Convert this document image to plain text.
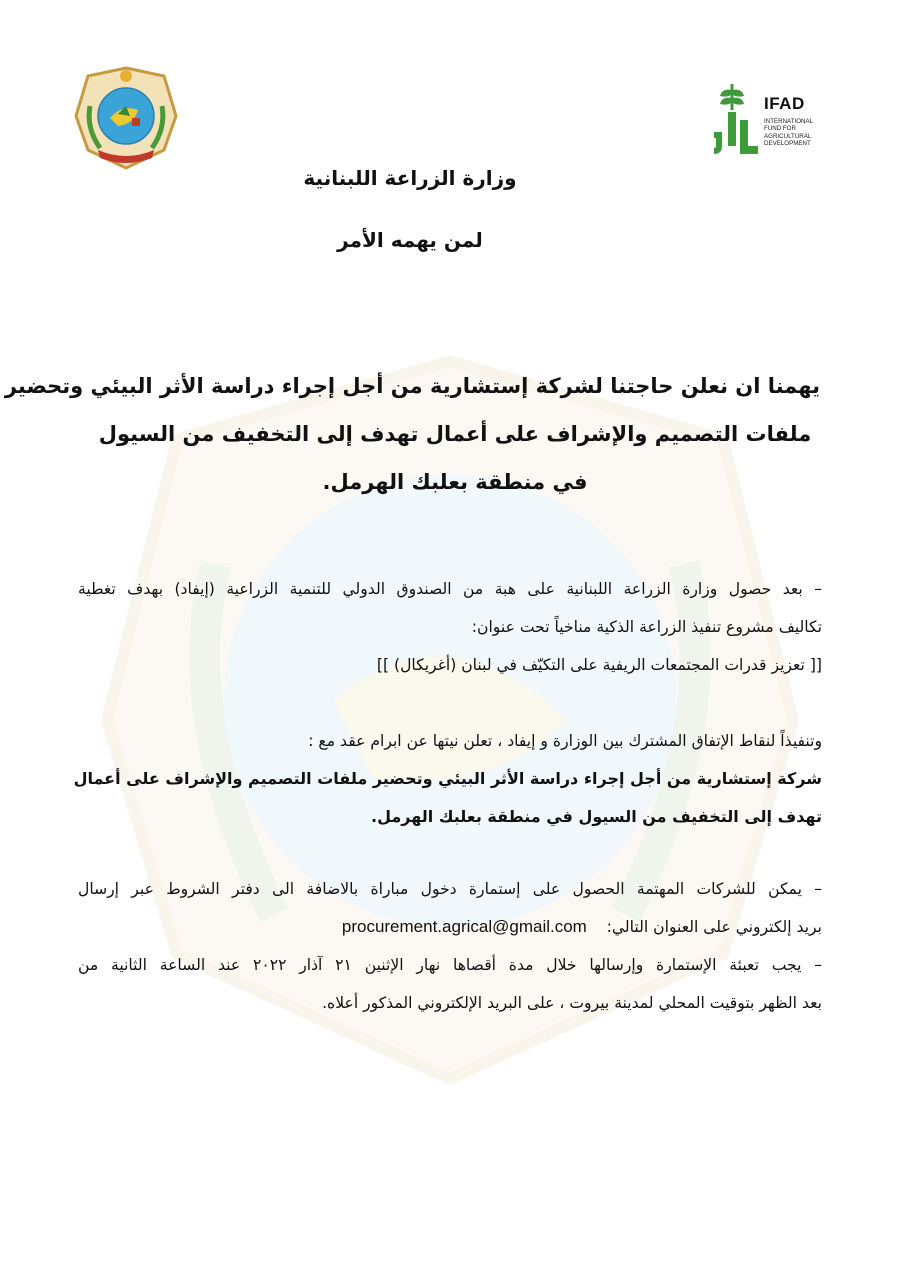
IFAD
INTERNATIONAL
FUND FOR
AGRICULTURAL
DEVELOPMENT
وزارة الزراعة اللبنانية
لمن يهمه الأمر
يهمنا ان نعلن حاجتنا لشركة إستشارية من أجل إجراء دراسة الأثر البيئي وتحضير
ملفات التصميم والإشراف على أعمال تهدف إلى التخفيف من السيول
في منطقة بعلبك الهرمل.
– بعد حصول وزارة الزراعة اللبنانية على هبة من الصندوق الدولي للتنمية الزراعية (إيفاد) بهدف تغطية
تكاليف مشروع تنفيذ الزراعة الذكية مناخياً تحت عنوان:
[[ تعزيز قدرات المجتمعات الريفية على التكيّف في لبنان (أغريكال) ]]
وتنفيذاً لنقاط الإتفاق المشترك بين الوزارة و إيفاد ، تعلن نيتها عن ابرام عقد مع :
شركة إستشارية من أجل إجراء دراسة الأثر البيئي وتحضير ملفات التصميم والإشراف على أعمال
تهدف إلى التخفيف من السيول في منطقة بعلبك الهرمل.
– يمكن للشركات المهتمة الحصول على إستمارة دخول مباراة بالاضافة الى دفتر الشروط عبر إرسال
بريد إلكتروني على العنوان التالي:    procurement.agrical@gmail.com
– يجب تعبئة الإستمارة وإرسالها خلال مدة أقصاها نهار الإثنين ٢١ آذار ٢٠٢٢ عند الساعة الثانية من
بعد الظهر بتوقيت المحلي لمدينة بيروت ، على البريد الإلكتروني المذكور أعلاه.
